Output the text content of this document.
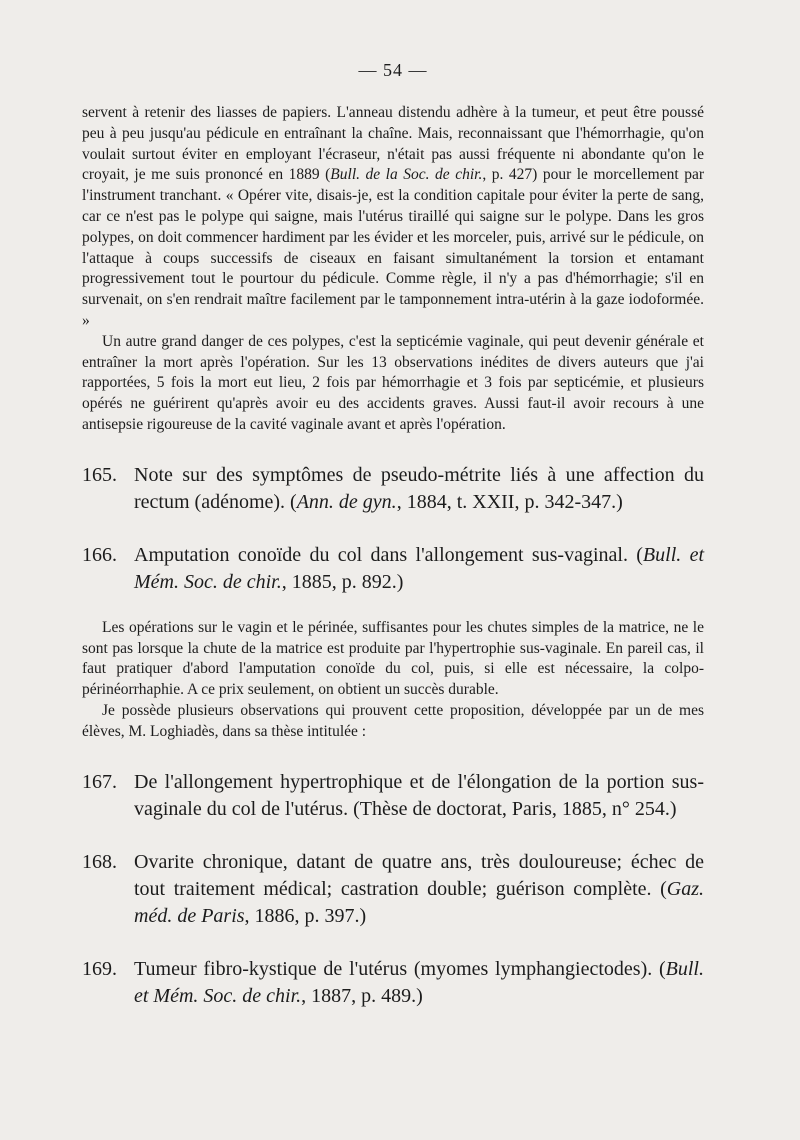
— 54 —

servent à retenir des liasses de papiers. L'anneau distendu adhère à la tumeur, et peut être poussé peu à peu jusqu'au pédicule en entraînant la chaîne. Mais, reconnaissant que l'hémorrhagie, qu'on voulait surtout éviter en employant l'écraseur, n'était pas aussi fréquente ni abondante qu'on le croyait, je me suis prononcé en 1889 (Bull. de la Soc. de chir., p. 427) pour le morcellement par l'instrument tranchant. « Opérer vite, disais-je, est la condition capitale pour éviter la perte de sang, car ce n'est pas le polype qui saigne, mais l'utérus tiraillé qui saigne sur le polype. Dans les gros polypes, on doit commencer hardiment par les évider et les morceler, puis, arrivé sur le pédicule, on l'attaque à coups successifs de ciseaux en faisant simultanément la torsion et entamant progressivement tout le pourtour du pédicule. Comme règle, il n'y a pas d'hémorrhagie; s'il en survenait, on s'en rendrait maître facilement par le tamponnement intra-utérin à la gaze iodoformée. »

Un autre grand danger de ces polypes, c'est la septicémie vaginale, qui peut devenir générale et entraîner la mort après l'opération. Sur les 13 observations inédites de divers auteurs que j'ai rapportées, 5 fois la mort eut lieu, 2 fois par hémorrhagie et 3 fois par septicémie, et plusieurs opérés ne guérirent qu'après avoir eu des accidents graves. Aussi faut-il avoir recours à une antisepsie rigoureuse de la cavité vaginale avant et après l'opération.

165. Note sur des symptômes de pseudo-métrite liés à une affection du rectum (adénome). (Ann. de gyn., 1884, t. XXII, p. 342-347.)

166. Amputation conoïde du col dans l'allongement sus-vaginal. (Bull. et Mém. Soc. de chir., 1885, p. 892.)

Les opérations sur le vagin et le périnée, suffisantes pour les chutes simples de la matrice, ne le sont pas lorsque la chute de la matrice est produite par l'hypertrophie sus-vaginale. En pareil cas, il faut pratiquer d'abord l'amputation conoïde du col, puis, si elle est nécessaire, la colpo-périnéorrhaphie. A ce prix seulement, on obtient un succès durable.

Je possède plusieurs observations qui prouvent cette proposition, développée par un de mes élèves, M. Loghiadès, dans sa thèse intitulée :

167. De l'allongement hypertrophique et de l'élongation de la portion sus-vaginale du col de l'utérus. (Thèse de doctorat, Paris, 1885, n° 254.)

168. Ovarite chronique, datant de quatre ans, très douloureuse; échec de tout traitement médical; castration double; guérison complète. (Gaz. méd. de Paris, 1886, p. 397.)

169. Tumeur fibro-kystique de l'utérus (myomes lymphangiectodes). (Bull. et Mém. Soc. de chir., 1887, p. 489.)
